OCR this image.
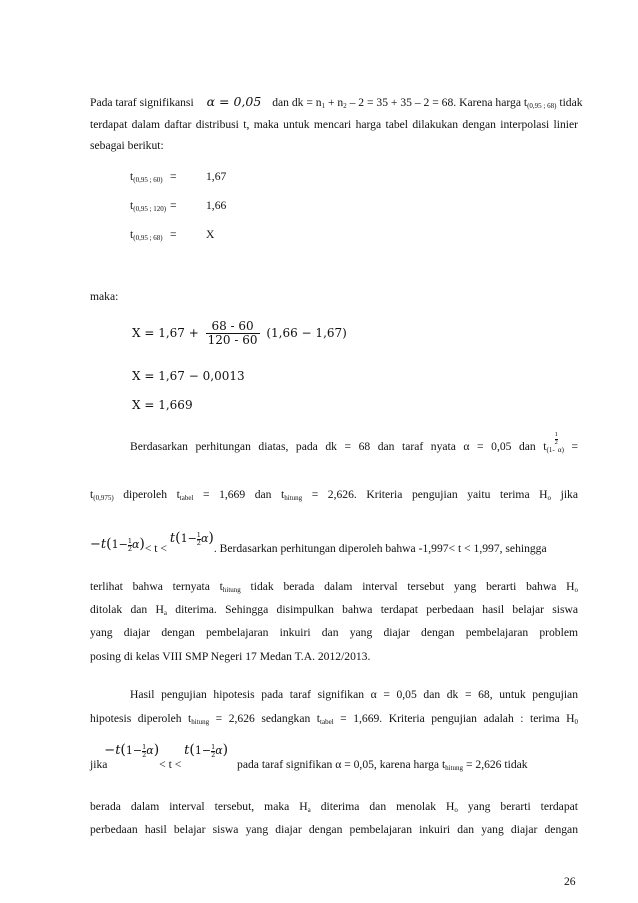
Pada taraf signifikansi α = 0,05 dan dk = $n_1 + n_2 - 2 = 35 + 35 - 2 = 68$. Karena harga $t_{(0,95 ; 68)}$ tidak
terdapat dalam daftar distribusi t, maka untuk mencari harga tabel dilakukan dengan interpolasi linier
sebagai berikut:
$t_{(0,95 ; 60)}$ =	1,67
$t_{(0,95 ; 120)}$ =	1,66
$t_{(0,95 ; 68)}$ =	X
maka:
$X = 1,67 + \frac{68 - 60}{120 - 60} (1,66 - 1,67)$
X = 1,67 − 0,0013
X = 1,669
Berdasarkan perhitungan diatas, pada dk = 68 dan taraf nyata α = 0,05 dan $t_{(1- \frac{1}{2} \alpha)}$ =
$t_{(0,975)}$ diperoleh $t_{tabel} = 1,669$ dan $t_{hitung} = 2,626$. Kriteria pengujian yaitu terima $H_o$ jika
$-t(1- \frac{1}{2} \alpha)< t < t(1- \frac{1}{2} \alpha)$. Berdasarkan perhitungan diperoleh bahwa -1,997< t < 1,997, sehingga
terlihat bahwa ternyata $t_{hitung}$ tidak berada dalam interval tersebut yang berarti bahwa $H_o$
ditolak dan $H_a$ diterima. Sehingga disimpulkan bahwa terdapat perbedaan hasil belajar siswa
yang diajar dengan pembelajaran inkuiri dan yang diajar dengan pembelajaran problem
posing di kelas VIII SMP Negeri 17 Medan T.A. 2012/2013.
Hasil pengujian hipotesis pada taraf signifikan α = 0,05 dan dk = 68, untuk pengujian
hipotesis diperoleh $t_{hitung} = 2,626$ sedangkan $t_{tabel} = 1,669$. Kriteria pengujian adalah : terima $H_0$
jika $-t(1- \frac{1}{2} \alpha)< t < t(1- \frac{1}{2} \alpha)$ pada taraf signifikan α = 0,05, karena harga $t_{hitung} = 2,626$ tidak
berada dalam interval tersebut, maka $H_a$ diterima dan menolak $H_o$ yang berarti terdapat
perbedaan hasil belajar siswa yang diajar dengan pembelajaran inkuiri dan yang diajar dengan
26
